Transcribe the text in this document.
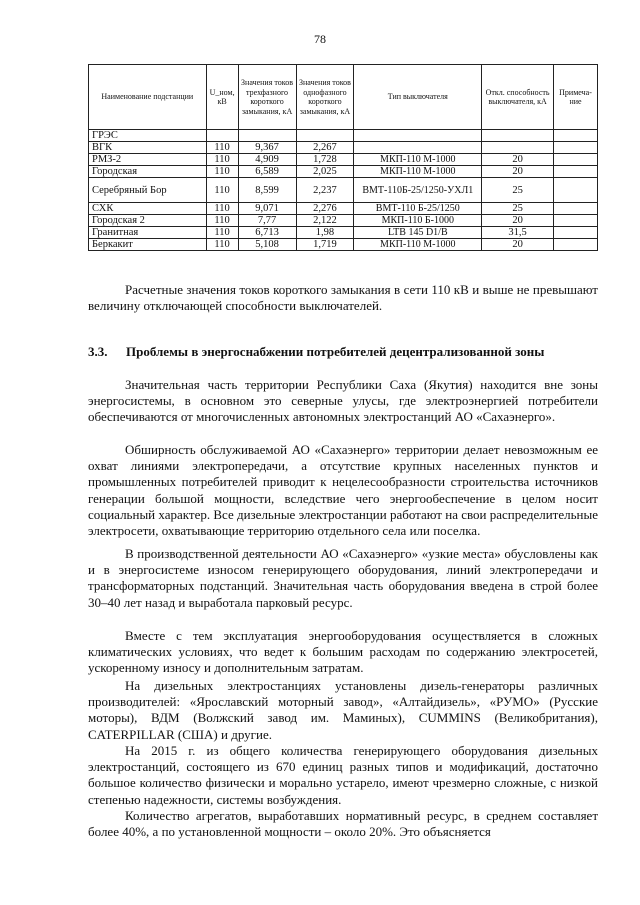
78
Наименование подстанции	U_ном, кВ	Значения токов трехфазного короткого замыкания, кА	Значения токов однофазного короткого замыкания, кА	Тип выключателя	Откл. способность выключателя, кА	Примеча- ние
ГРЭС						
ВГК	110	9,367	2,267			
РМЗ-2	110	4,909	1,728	МКП-110 М-1000	20	
Городская	110	6,589	2,025	МКП-110 М-1000	20	
Серебряный Бор	110	8,599	2,237	ВМТ-110Б-25/1250-УХЛ1	25	
СХК	110	9,071	2,276	ВМТ-110 Б-25/1250	25	
Городская 2	110	7,77	2,122	МКП-110 Б-1000	20	
Гранитная	110	6,713	1,98	LTB 145 D1/B	31,5	
Беркакит	110	5,108	1,719	МКП-110 М-1000	20	

Расчетные значения токов короткого замыкания в сети 110 кВ и выше не превышают величину отключающей способности выключателей.

3.3. Проблемы в энергоснабжении потребителей децентрализованной зоны

Значительная часть территории Республики Саха (Якутия) находится вне зоны энергосистемы, в основном это северные улусы, где электроэнергией потребители обеспечиваются от многочисленных автономных электростанций АО «Сахаэнерго».

Обширность обслуживаемой АО «Сахаэнерго» территории делает невозможным ее охват линиями электропередачи, а отсутствие крупных населенных пунктов и промышленных потребителей приводит к нецелесообразности строительства источников генерации большой мощности, вследствие чего энергообеспечение в целом носит социальный характер. Все дизельные электростанции работают на свои распределительные электросети, охватывающие территорию отдельного села или поселка.

В производственной деятельности АО «Сахаэнерго» «узкие места» обусловлены как и в энергосистеме износом генерирующего оборудования, линий электропередачи и трансформаторных подстанций. Значительная часть оборудования введена в строй более 30–40 лет назад и выработала парковый ресурс.

Вместе с тем эксплуатация энергооборудования осуществляется в сложных климатических условиях, что ведет к большим расходам по содержанию электросетей, ускоренному износу и дополнительным затратам.

На дизельных электростанциях установлены дизель-генераторы различных производителей: «Ярославский моторный завод», «Алтайдизель», «РУМО» (Русские моторы), ВДМ (Волжский завод им. Маминых), CUMMINS (Великобритания), CATERPILLAR (США) и другие.

На 2015 г. из общего количества генерирующего оборудования дизельных электростанций, состоящего из 670 единиц разных типов и модификаций, достаточно большое количество физически и морально устарело, имеют чрезмерно сложные, с низкой степенью надежности, системы возбуждения.

Количество агрегатов, выработавших нормативный ресурс, в среднем составляет более 40%, а по установленной мощности – около 20%. Это объясняется
